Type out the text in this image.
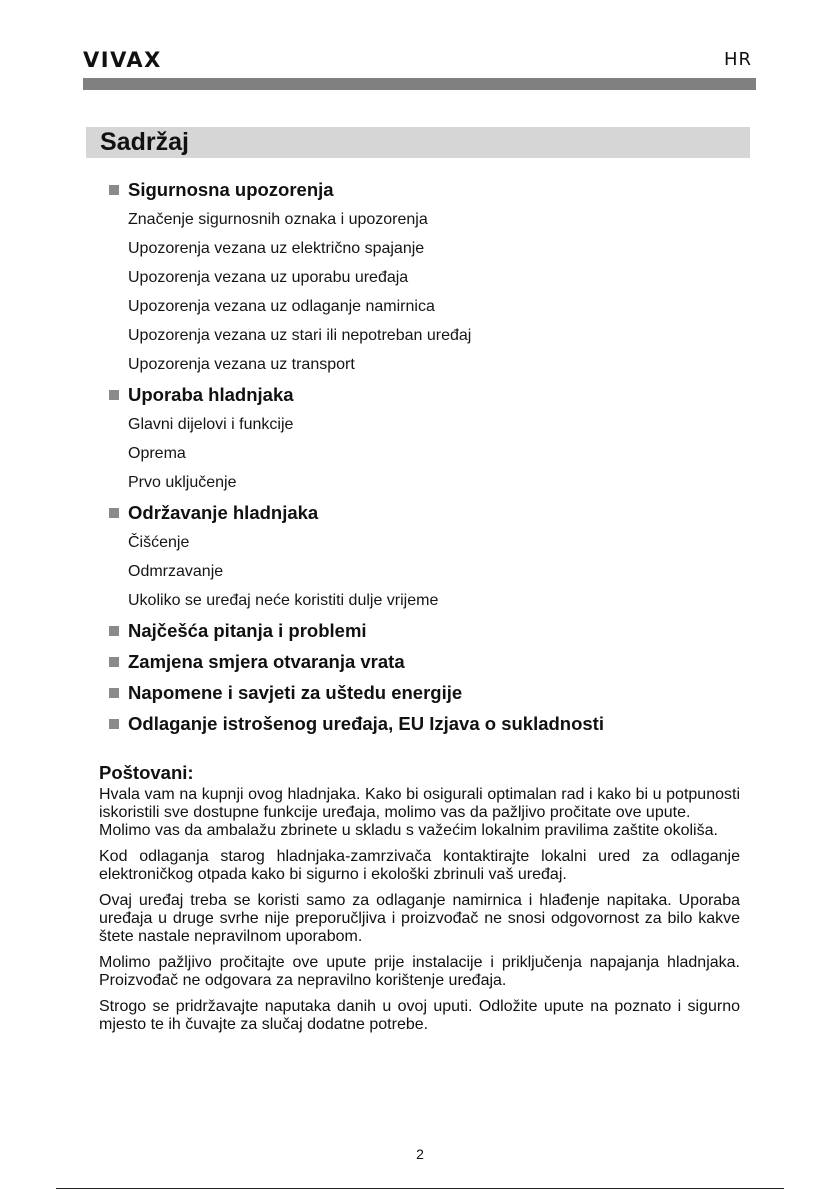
VIVAX	HR
Sadržaj
Sigurnosna upozorenja
Značenje sigurnosnih oznaka i upozorenja
Upozorenja vezana uz električno spajanje
Upozorenja vezana uz uporabu uređaja
Upozorenja vezana uz odlaganje namirnica
Upozorenja vezana uz stari ili nepotreban uređaj
Upozorenja vezana uz transport
Uporaba hladnjaka
Glavni dijelovi i funkcije
Oprema
Prvo uključenje
Održavanje hladnjaka
Čišćenje
Odmrzavanje
Ukoliko se uređaj neće koristiti dulje vrijeme
Najčešća pitanja i problemi
Zamjena smjera otvaranja vrata
Napomene i savjeti za uštedu energije
Odlaganje istrošenog uređaja, EU Izjava o sukladnosti
Poštovani:

Hvala vam na kupnji ovog hladnjaka. Kako bi osigurali optimalan rad i kako bi u potpunosti iskoristili sve dostupne funkcije uređaja, molimo vas da pažljivo pročitate ove upute.

Molimo vas da ambalažu zbrinete u skladu s važećim lokalnim pravilima zaštite okoliša.

Kod odlaganja starog hladnjaka-zamrzivača kontaktirajte lokalni ured za odlaganje elektroničkog otpada kako bi sigurno i ekološki zbrinuli vaš uređaj.

Ovaj uređaj treba se koristi samo za odlaganje namirnica i hlađenje napitaka. Uporaba uređaja u druge svrhe nije preporučljiva i proizvođač ne snosi odgovornost za bilo kakve štete nastale nepravilnom uporabom.

Molimo pažljivo pročitajte ove upute prije instalacije i priključenja napajanja hladnjaka. Proizvođač ne odgovara za nepravilno korištenje uređaja.

Strogo se pridržavajte naputaka danih u ovoj uputi. Odložite upute na poznato i sigurno mjesto te ih čuvajte za slučaj dodatne potrebe.

2
